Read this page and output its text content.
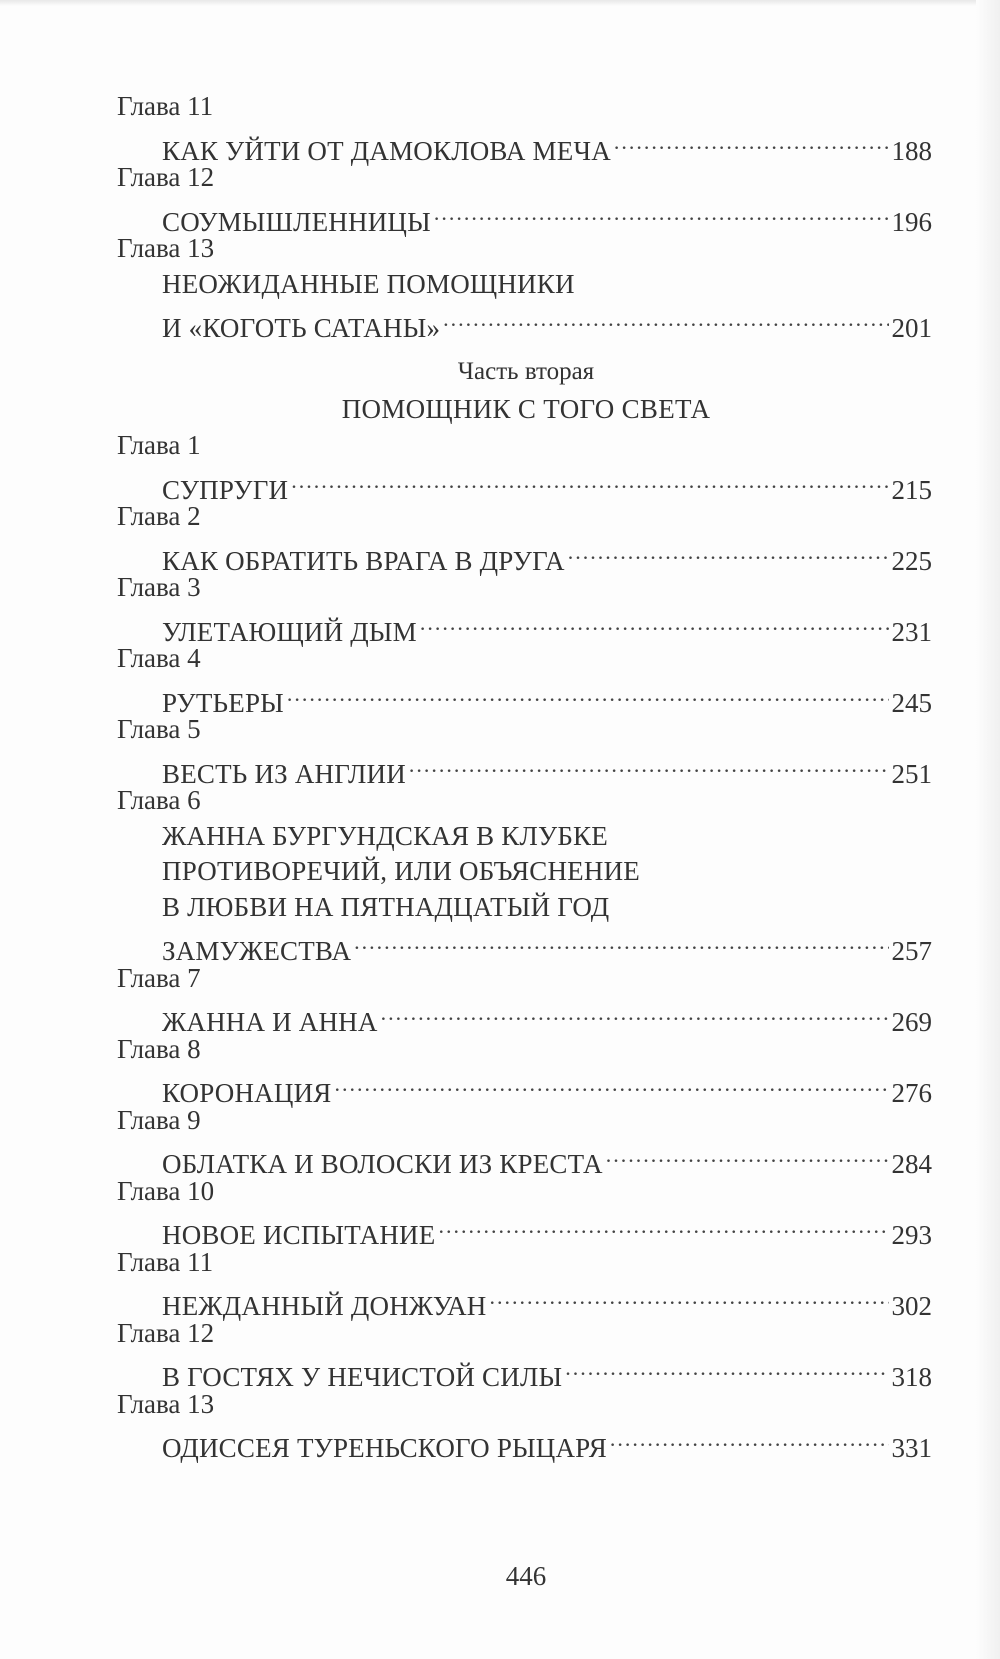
Глава 11
КАК УЙТИ ОТ ДАМОКЛОВА МЕЧА .....	188
Глава 12
СОУМЫШЛЕННИЦЫ .....	196
Глава 13
НЕОЖИДАННЫЕ ПОМОЩНИКИ
И «КОГОТЬ САТАНЫ» .....	201
Часть вторая
ПОМОЩНИК С ТОГО СВЕТА
Глава 1
СУПРУГИ .....	215
Глава 2
КАК ОБРАТИТЬ ВРАГА В ДРУГА .....	225
Глава 3
УЛЕТАЮЩИЙ ДЫМ .....	231
Глава 4
РУТЬЕРЫ .....	245
Глава 5
ВЕСТЬ ИЗ АНГЛИИ .....	251
Глава 6
ЖАННА БУРГУНДСКАЯ В КЛУБКЕ
ПРОТИВОРЕЧИЙ, ИЛИ ОБЪЯСНЕНИЕ
В ЛЮБВИ НА ПЯТНАДЦАТЫЙ ГОД
ЗАМУЖЕСТВА .....	257
Глава 7
ЖАННА И АННА .....	269
Глава 8
КОРОНАЦИЯ .....	276
Глава 9
ОБЛАТКА И ВОЛОСКИ ИЗ КРЕСТА .....	284
Глава 10
НОВОЕ ИСПЫТАНИЕ .....	293
Глава 11
НЕЖДАННЫЙ ДОНЖУАН .....	302
Глава 12
В ГОСТЯХ У НЕЧИСТОЙ СИЛЫ .....	318
Глава 13
ОДИССЕЯ ТУРЕНЬСКОГО РЫЦАРЯ .....	331
446
